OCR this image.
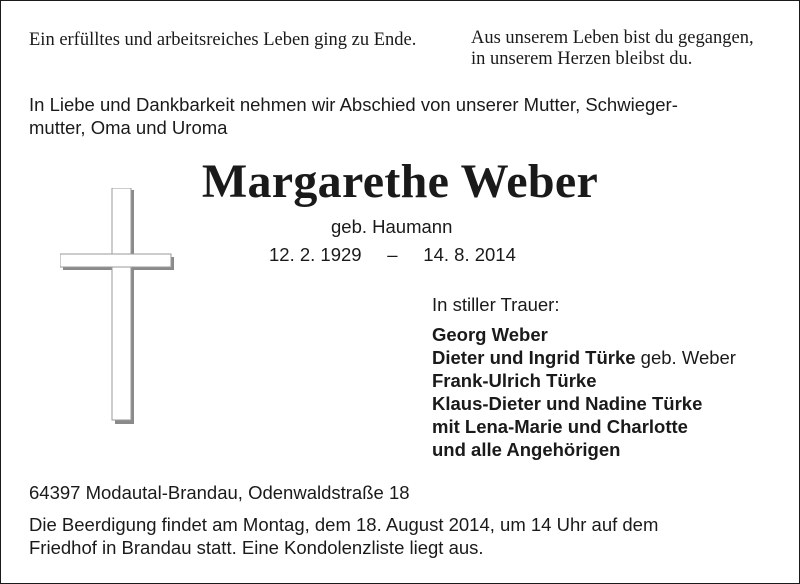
Ein erfülltes und arbeitsreiches Leben ging zu Ende.	Aus unserem Leben bist du gegangen,
in unserem Herzen bleibst du.
In Liebe und Dankbarkeit nehmen wir Abschied von unserer Mutter, Schwieger-
mutter, Oma und Uroma
Margarethe Weber
geb. Haumann
12. 2. 1929 – 14. 8. 2014
In stiller Trauer:
Georg Weber
Dieter und Ingrid Türke geb. Weber
Frank-Ulrich Türke
Klaus-Dieter und Nadine Türke
mit Lena-Marie und Charlotte
und alle Angehörigen
64397 Modautal-Brandau, Odenwaldstraße 18
Die Beerdigung findet am Montag, dem 18. August 2014, um 14 Uhr auf dem
Friedhof in Brandau statt. Eine Kondolenzliste liegt aus.
